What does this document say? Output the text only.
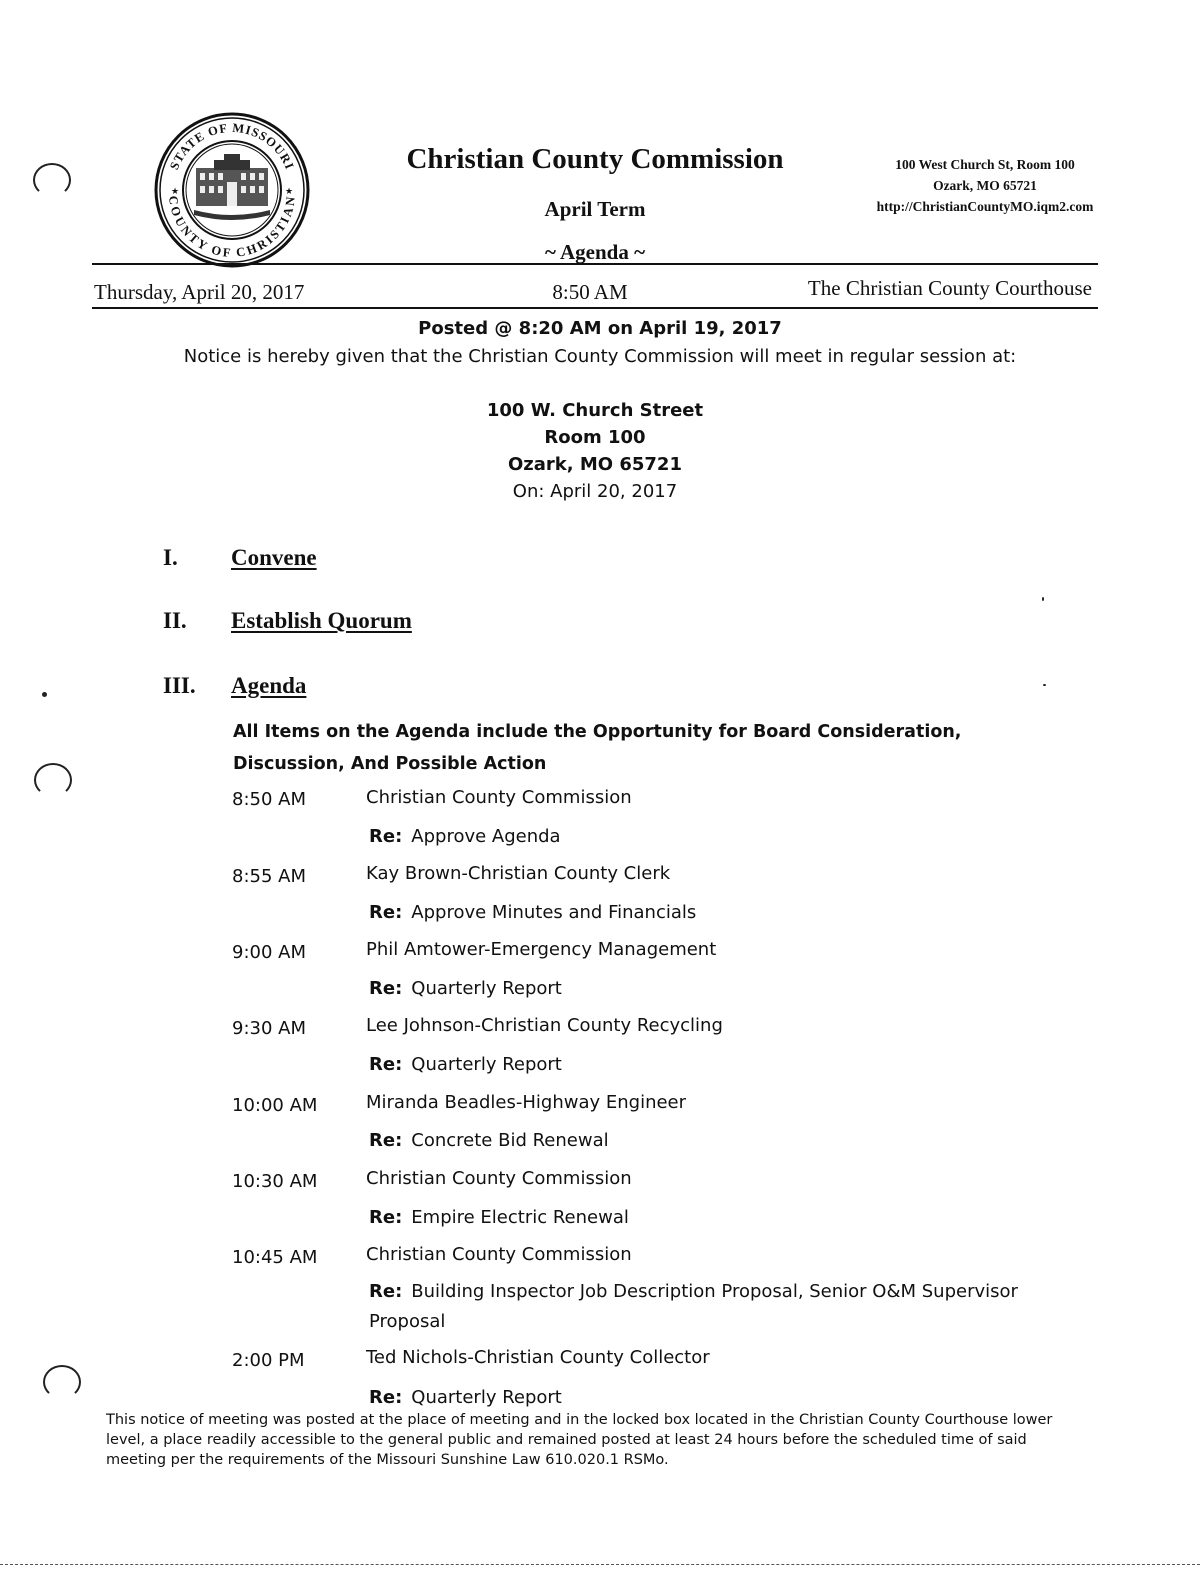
STATE OF MISSOURI
COUNTY OF CHRISTIAN
★	★
Christian County Commission
April Term
~ Agenda ~
100 West Church St, Room 100
Ozark, MO 65721
http://ChristianCountyMO.iqm2.com
Thursday, April 20, 2017	8:50 AM	The Christian County Courthouse
Posted @ 8:20 AM on April 19, 2017
Notice is hereby given that the Christian County Commission will meet in regular session at:
100 W. Church Street
Room 100
Ozark, MO 65721
On: April 20, 2017
I. Convene
II. Establish Quorum
III. Agenda
All Items on the Agenda include the Opportunity for Board Consideration, Discussion, And Possible Action
8:50 AM	Christian County Commission
Re: Approve Agenda
8:55 AM	Kay Brown-Christian County Clerk
Re: Approve Minutes and Financials
9:00 AM	Phil Amtower-Emergency Management
Re: Quarterly Report
9:30 AM	Lee Johnson-Christian County Recycling
Re: Quarterly Report
10:00 AM	Miranda Beadles-Highway Engineer
Re: Concrete Bid Renewal
10:30 AM	Christian County Commission
Re: Empire Electric Renewal
10:45 AM	Christian County Commission
Re: Building Inspector Job Description Proposal, Senior O&M Supervisor Proposal
2:00 PM	Ted Nichols-Christian County Collector
Re: Quarterly Report
This notice of meeting was posted at the place of meeting and in the locked box located in the Christian County Courthouse lower level, a place readily accessible to the general public and remained posted at least 24 hours before the scheduled time of said meeting per the requirements of the Missouri Sunshine Law 610.020.1 RSMo.
